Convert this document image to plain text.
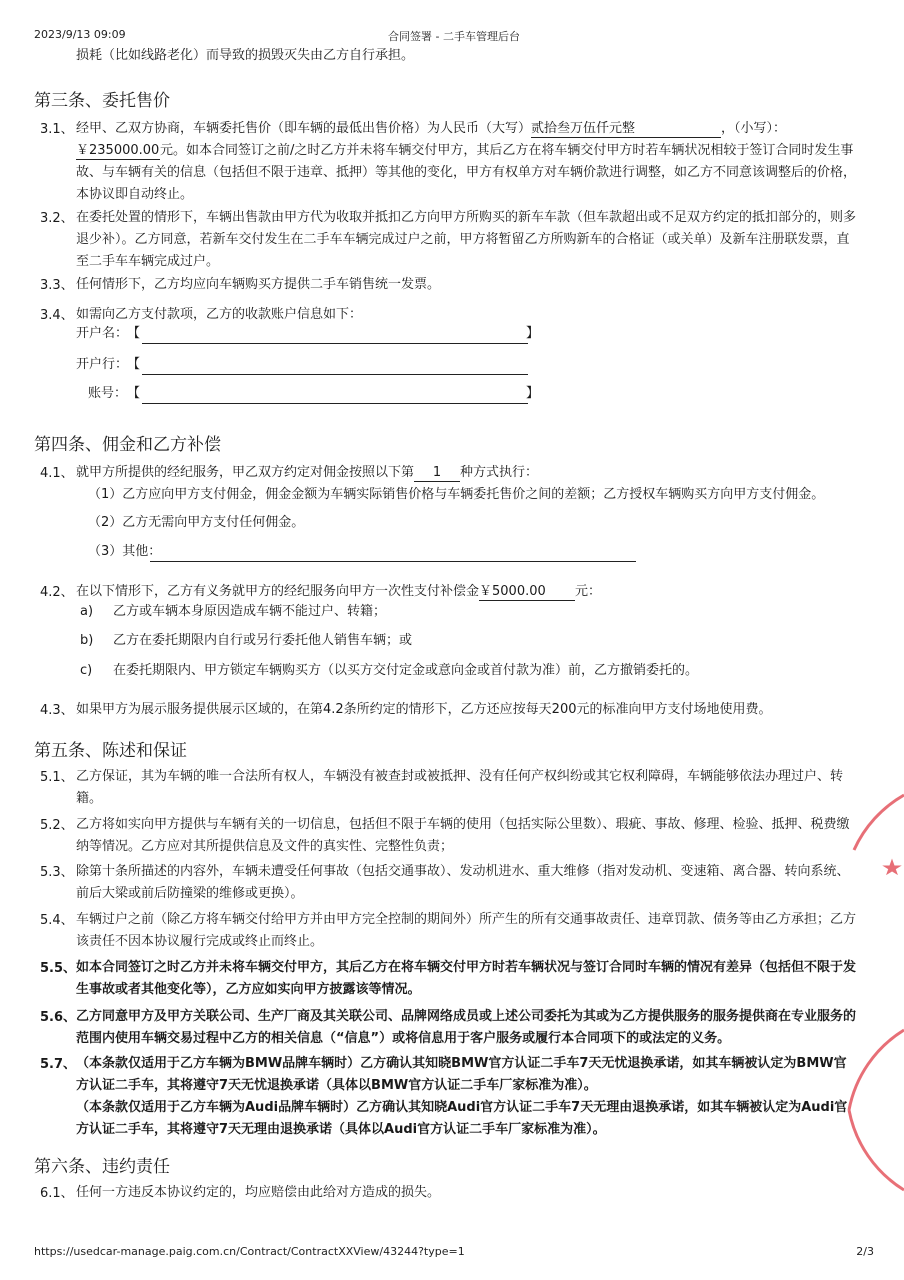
2023/9/13 09:09	合同签署 - 二手车管理后台
损耗（比如线路老化）而导致的损毁灭失由乙方自行承担。
第三条、委托售价
3.1、 经甲、乙双方协商，车辆委托售价（即车辆的最低出售价格）为人民币（大写）贰拾叁万伍仟元整	，（小写）：
￥235000.00元。如本合同签订之前/之时乙方并未将车辆交付甲方，其后乙方在将车辆交付甲方时若车辆状况相较于签订合同时发生事故、与车辆有关的信息（包括但不限于违章、抵押）等其他的变化，甲方有权单方对车辆价款进行调整，如乙方不同意该调整后的价格，本协议即自动终止。
3.2、 在委托处置的情形下，车辆出售款由甲方代为收取并抵扣乙方向甲方所购买的新车车款（但车款超出或不足双方约定的抵扣部分的，则多退少补）。乙方同意，若新车交付发生在二手车车辆完成过户之前，甲方将暂留乙方所购新车的合格证（或关单）及新车注册联发票，直至二手车车辆完成过户。
3.3、 任何情形下，乙方均应向车辆购买方提供二手车销售统一发票。
3.4、 如需向乙方支付款项，乙方的收款账户信息如下：
开户名：
【	】
开户行：
【
账号： 【	】
第四条、佣金和乙方补偿
4.1、 就甲方所提供的经纪服务，甲乙双方约定对佣金按照以下第 1 种方式执行：
（1）乙方应向甲方支付佣金，佣金金额为车辆实际销售价格与车辆委托售价之间的差额；乙方授权车辆购买方向甲方支付佣金。
（2）乙方无需向甲方支付任何佣金。
（3）其他：
4.2、 在以下情形下，乙方有义务就甲方的经纪服务向甲方一次性支付补偿金￥5000.00 元：
a) 乙方或车辆本身原因造成车辆不能过户、转籍；
b) 乙方在委托期限内自行或另行委托他人销售车辆；或
c) 在委托期限内、甲方锁定车辆购买方（以买方交付定金或意向金或首付款为准）前，乙方撤销委托的。
4.3、 如果甲方为展示服务提供展示区域的，在第4.2条所约定的情形下，乙方还应按每天200元的标准向甲方支付场地使用费。
第五条、陈述和保证
5.1、 乙方保证，其为车辆的唯一合法所有权人，车辆没有被查封或被抵押、没有任何产权纠纷或其它权利障碍，车辆能够依法办理过户、转籍。
5.2、 乙方将如实向甲方提供与车辆有关的一切信息，包括但不限于车辆的使用（包括实际公里数）、瑕疵、事故、修理、检验、抵押、税费缴纳等情况。乙方应对其所提供信息及文件的真实性、完整性负责；
5.3、 除第十条所描述的内容外，车辆未遭受任何事故（包括交通事故）、发动机进水、重大维修（指对发动机、变速箱、离合器、转向系统、前后大梁或前后防撞梁的维修或更换）。
5.4、 车辆过户之前（除乙方将车辆交付给甲方并由甲方完全控制的期间外）所产生的所有交通事故责任、违章罚款、债务等由乙方承担；乙方该责任不因本协议履行完成或终止而终止。
5.5、 如本合同签订之时乙方并未将车辆交付甲方，其后乙方在将车辆交付甲方时若车辆状况与签订合同时车辆的情况有差异（包括但不限于发生事故或者其他变化等），乙方应如实向甲方披露该等情况。
5.6、 乙方同意甲方及甲方关联公司、生产厂商及其关联公司、品牌网络成员或上述公司委托为其或为乙方提供服务的服务提供商在专业服务的范围内使用车辆交易过程中乙方的相关信息（“信息”）或将信息用于客户服务或履行本合同项下的或法定的义务。
5.7、 （本条款仅适用于乙方车辆为BMW品牌车辆时）乙方确认其知晓BMW官方认证二手车7天无忧退换承诺，如其车辆被认定为BMW官方认证二手车，其将遵守7天无忧退换承诺（具体以BMW官方认证二手车厂家标准为准）。
（本条款仅适用于乙方车辆为Audi品牌车辆时）乙方确认其知晓Audi官方认证二手车7天无理由退换承诺，如其车辆被认定为Audi官方认证二手车，其将遵守7天无理由退换承诺（具体以Audi官方认证二手车厂家标准为准）。
第六条、违约责任
6.1、 任何一方违反本协议约定的，均应赔偿由此给对方造成的损失。
https://usedcar-manage.paig.com.cn/Contract/ContractXXView/43244?type=1	2/3
